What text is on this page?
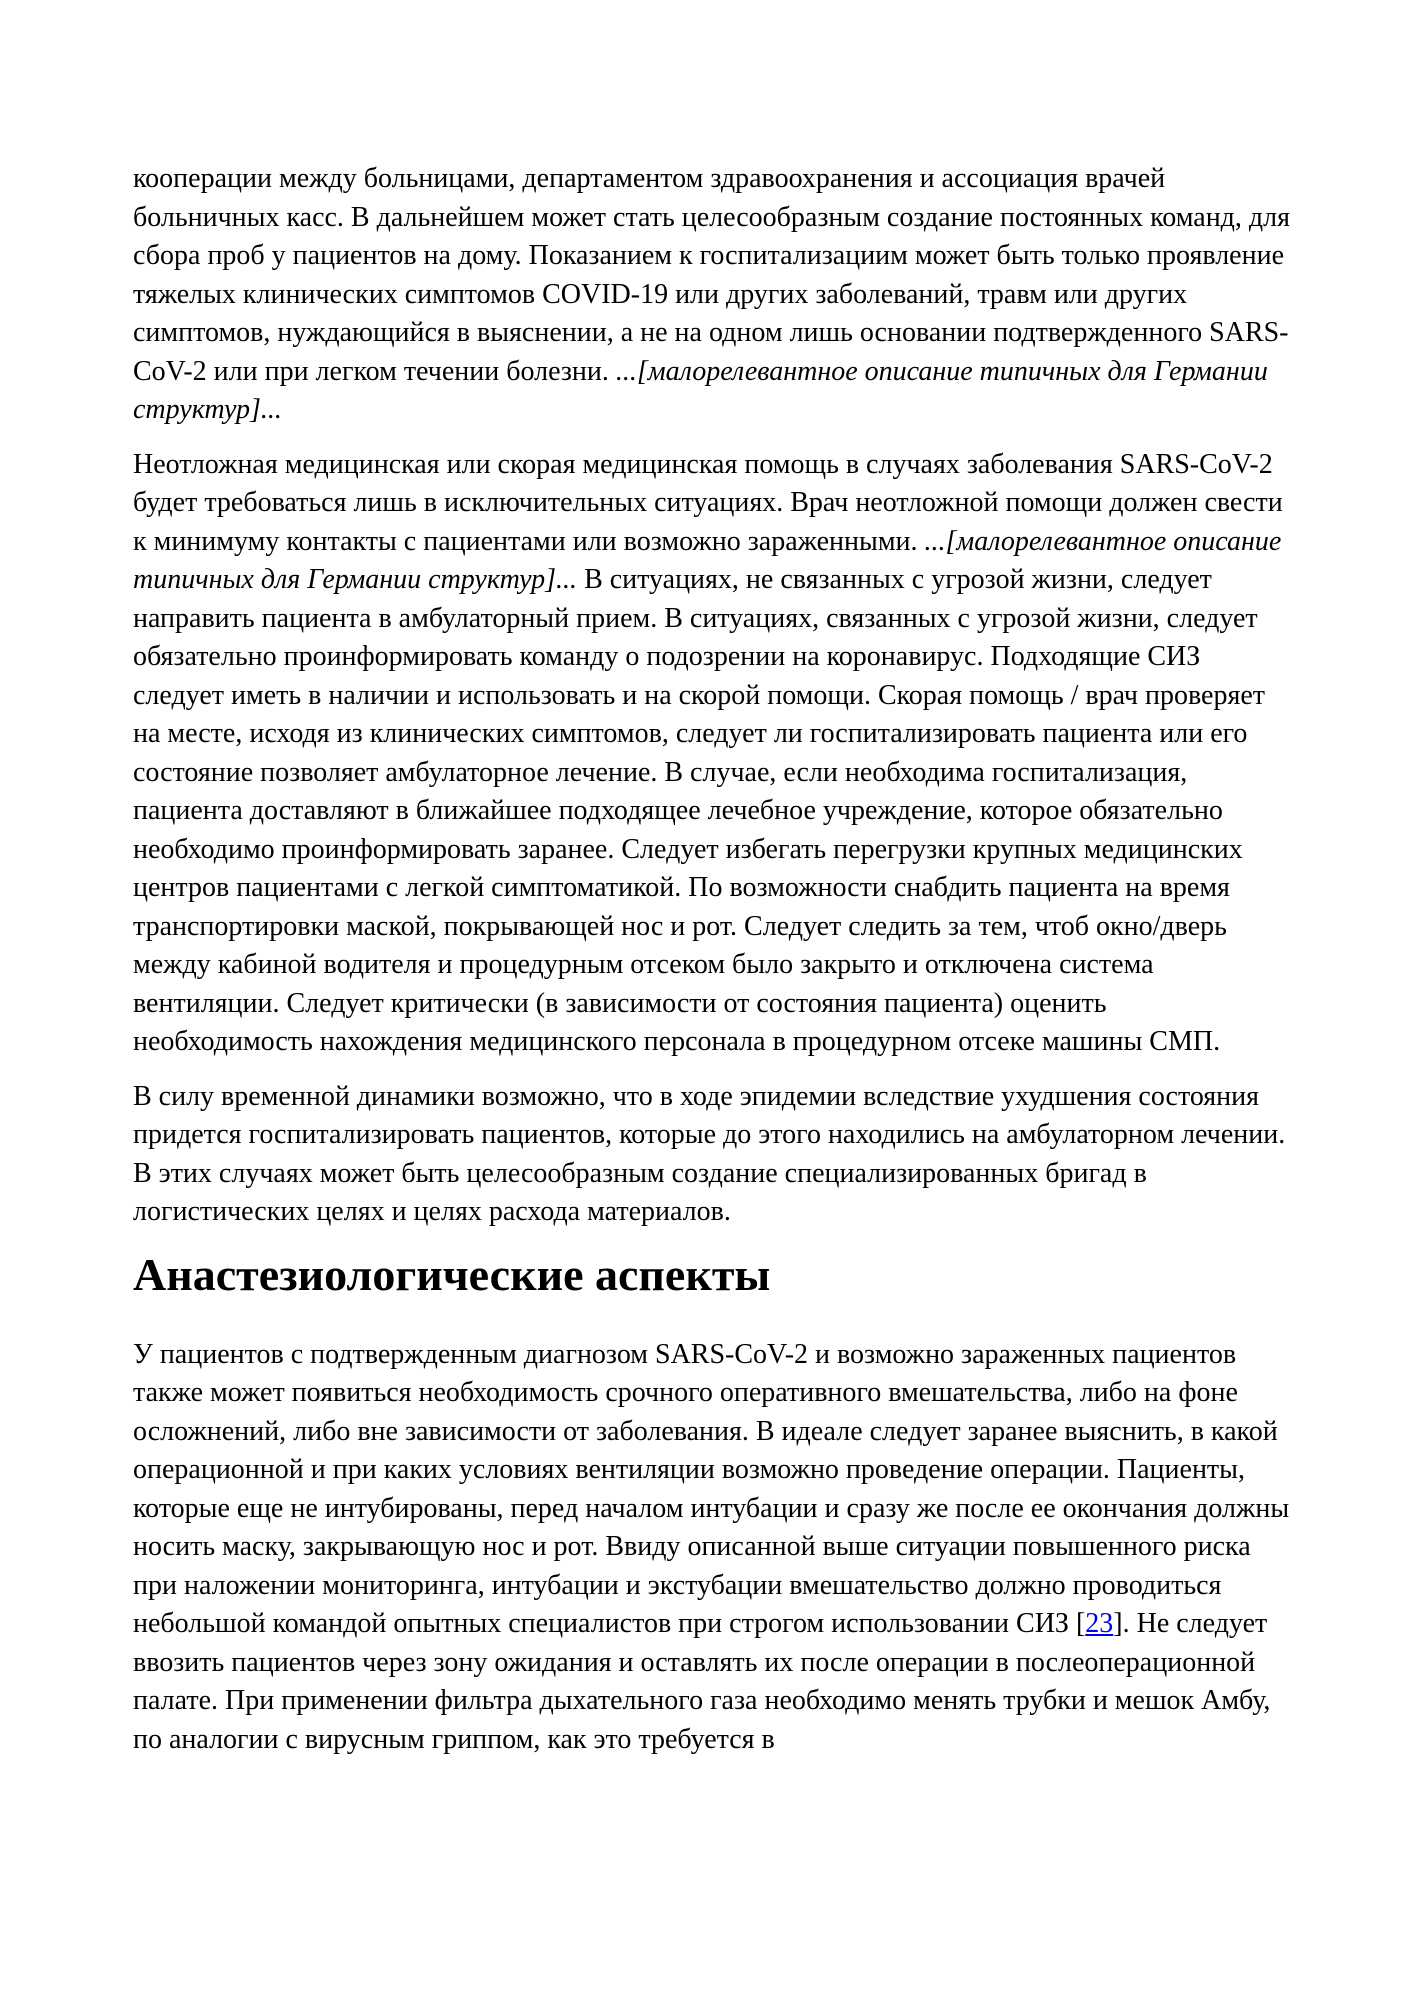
кооперации между больницами, департаментом здравоохранения и ассоциация врачей больничных касс. В дальнейшем может стать целесообразным создание постоянных команд, для сбора проб у пациентов на дому. Показанием к госпитализациим может быть только проявление тяжелых клинических симптомов COVID-19 или других заболеваний, травм или других симптомов, нуждающийся в выяснении, а не на одном лишь основании подтвержденного SARS-CoV-2 или при легком течении болезни. ...[малорелевантное описание типичных для Германии структур]...

Неотложная медицинская или скорая медицинская помощь в случаях заболевания SARS-CoV-2 будет требоваться лишь в исключительных ситуациях. Врач неотложной помощи должен свести к минимуму контакты с пациентами или возможно зараженными. ...[малорелевантное описание типичных для Германии структур]... В ситуациях, не связанных с угрозой жизни, следует направить пациента в амбулаторный прием. В ситуациях, связанных с угрозой жизни, следует обязательно проинформировать команду о подозрении на коронавирус. Подходящие СИЗ следует иметь в наличии и использовать и на скорой помощи. Скорая помощь / врач проверяет на месте, исходя из клинических симптомов, следует ли госпитализировать пациента или его состояние позволяет амбулаторное лечение. В случае, если необходима госпитализация, пациента доставляют в ближайшее подходящее лечебное учреждение, которое обязательно необходимо проинформировать заранее. Следует избегать перегрузки крупных медицинских центров пациентами с легкой симптоматикой. По возможности снабдить пациента на время транспортировки маской, покрывающей нос и рот. Следует следить за тем, чтоб окно/дверь между кабиной водителя и процедурным отсеком было закрыто и отключена система вентиляции. Следует критически (в зависимости от состояния пациента) оценить необходимость нахождения медицинского персонала в процедурном отсеке машины СМП.

В силу временной динамики возможно, что в ходе эпидемии вследствие ухудшения состояния придется госпитализировать пациентов, которые до этого находились на амбулаторном лечении. В этих случаях может быть целесообразным создание специализированных бригад в логистических целях и целях расхода материалов.

Анастезиологические аспекты

У пациентов с подтвержденным диагнозом SARS-CoV-2 и возможно зараженных пациентов также может появиться необходимость срочного оперативного вмешательства, либо на фоне осложнений, либо вне зависимости от заболевания. В идеале следует заранее выяснить, в какой операционной и при каких условиях вентиляции возможно проведение операции. Пациенты, которые еще не интубированы, перед началом интубации и сразу же после ее окончания должны носить маску, закрывающую нос и рот. Ввиду описанной выше ситуации повышенного риска при наложении мониторинга, интубации и экстубации вмешательство должно проводиться небольшой командой опытных специалистов при строгом использовании СИЗ [23]. Не следует ввозить пациентов через зону ожидания и оставлять их после операции в послеоперационной палате. При применении фильтра дыхательного газа необходимо менять трубки и мешок Амбу, по аналогии с вирусным гриппом, как это требуется в
